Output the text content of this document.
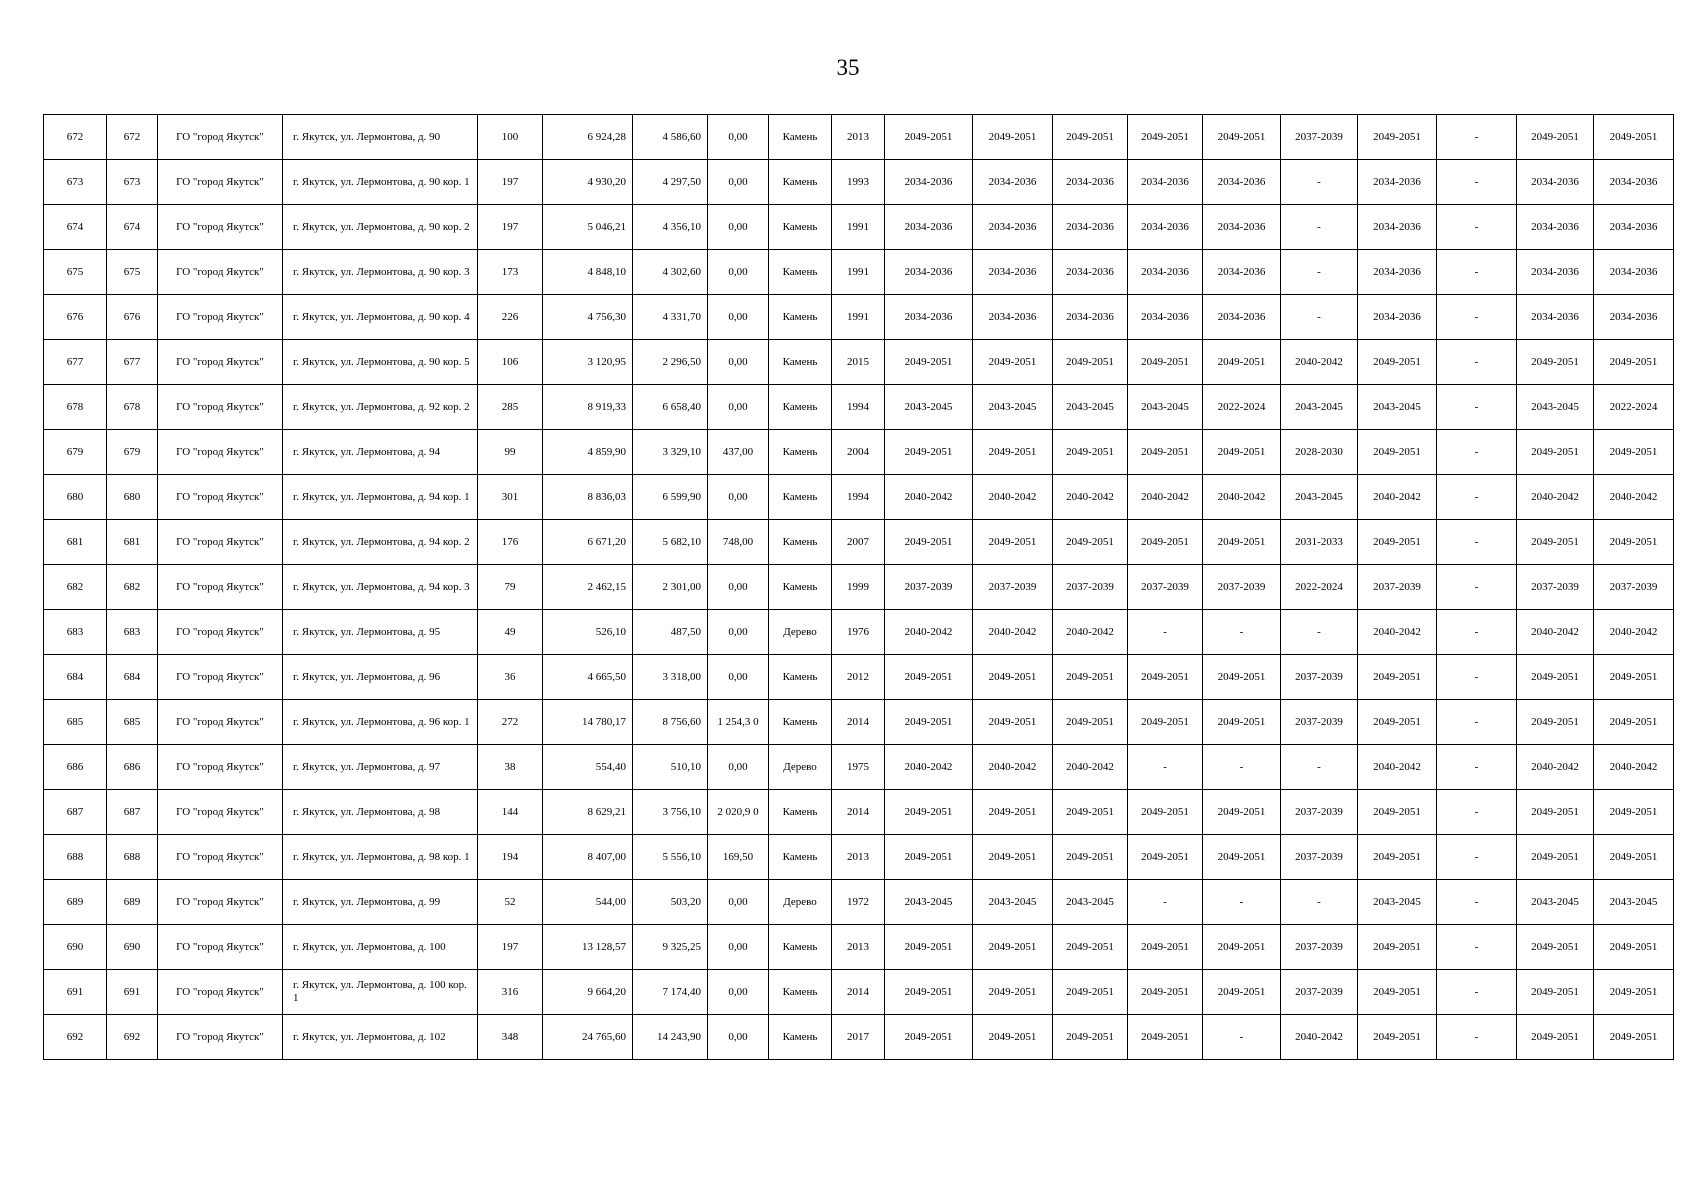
35
672	672	ГО "город Якутск"	г. Якутск, ул. Лермонтова, д. 90	100	6 924,28	4 586,60	0,00	Камень	2013	2049-2051	2049-2051	2049-2051	2049-2051	2049-2051	2037-2039	2049-2051	-	2049-2051	2049-2051
673	673	ГО "город Якутск"	г. Якутск, ул. Лермонтова, д. 90 кор. 1	197	4 930,20	4 297,50	0,00	Камень	1993	2034-2036	2034-2036	2034-2036	2034-2036	2034-2036	-	2034-2036	-	2034-2036	2034-2036
674	674	ГО "город Якутск"	г. Якутск, ул. Лермонтова, д. 90 кор. 2	197	5 046,21	4 356,10	0,00	Камень	1991	2034-2036	2034-2036	2034-2036	2034-2036	2034-2036	-	2034-2036	-	2034-2036	2034-2036
675	675	ГО "город Якутск"	г. Якутск, ул. Лермонтова, д. 90 кор. 3	173	4 848,10	4 302,60	0,00	Камень	1991	2034-2036	2034-2036	2034-2036	2034-2036	2034-2036	-	2034-2036	-	2034-2036	2034-2036
676	676	ГО "город Якутск"	г. Якутск, ул. Лермонтова, д. 90 кор. 4	226	4 756,30	4 331,70	0,00	Камень	1991	2034-2036	2034-2036	2034-2036	2034-2036	2034-2036	-	2034-2036	-	2034-2036	2034-2036
677	677	ГО "город Якутск"	г. Якутск, ул. Лермонтова, д. 90 кор. 5	106	3 120,95	2 296,50	0,00	Камень	2015	2049-2051	2049-2051	2049-2051	2049-2051	2049-2051	2040-2042	2049-2051	-	2049-2051	2049-2051
678	678	ГО "город Якутск"	г. Якутск, ул. Лермонтова, д. 92 кор. 2	285	8 919,33	6 658,40	0,00	Камень	1994	2043-2045	2043-2045	2043-2045	2043-2045	2022-2024	2043-2045	2043-2045	-	2043-2045	2022-2024
679	679	ГО "город Якутск"	г. Якутск, ул. Лермонтова, д. 94	99	4 859,90	3 329,10	437,00	Камень	2004	2049-2051	2049-2051	2049-2051	2049-2051	2049-2051	2028-2030	2049-2051	-	2049-2051	2049-2051
680	680	ГО "город Якутск"	г. Якутск, ул. Лермонтова, д. 94 кор. 1	301	8 836,03	6 599,90	0,00	Камень	1994	2040-2042	2040-2042	2040-2042	2040-2042	2040-2042	2043-2045	2040-2042	-	2040-2042	2040-2042
681	681	ГО "город Якутск"	г. Якутск, ул. Лермонтова, д. 94 кор. 2	176	6 671,20	5 682,10	748,00	Камень	2007	2049-2051	2049-2051	2049-2051	2049-2051	2049-2051	2031-2033	2049-2051	-	2049-2051	2049-2051
682	682	ГО "город Якутск"	г. Якутск, ул. Лермонтова, д. 94 кор. 3	79	2 462,15	2 301,00	0,00	Камень	1999	2037-2039	2037-2039	2037-2039	2037-2039	2037-2039	2022-2024	2037-2039	-	2037-2039	2037-2039
683	683	ГО "город Якутск"	г. Якутск, ул. Лермонтова, д. 95	49	526,10	487,50	0,00	Дерево	1976	2040-2042	2040-2042	2040-2042	-	-	-	2040-2042	-	2040-2042	2040-2042
684	684	ГО "город Якутск"	г. Якутск, ул. Лермонтова, д. 96	36	4 665,50	3 318,00	0,00	Камень	2012	2049-2051	2049-2051	2049-2051	2049-2051	2049-2051	2037-2039	2049-2051	-	2049-2051	2049-2051
685	685	ГО "город Якутск"	г. Якутск, ул. Лермонтова, д. 96 кор. 1	272	14 780,17	8 756,60	1 254,3 0	Камень	2014	2049-2051	2049-2051	2049-2051	2049-2051	2049-2051	2037-2039	2049-2051	-	2049-2051	2049-2051
686	686	ГО "город Якутск"	г. Якутск, ул. Лермонтова, д. 97	38	554,40	510,10	0,00	Дерево	1975	2040-2042	2040-2042	2040-2042	-	-	-	2040-2042	-	2040-2042	2040-2042
687	687	ГО "город Якутск"	г. Якутск, ул. Лермонтова, д. 98	144	8 629,21	3 756,10	2 020,9 0	Камень	2014	2049-2051	2049-2051	2049-2051	2049-2051	2049-2051	2037-2039	2049-2051	-	2049-2051	2049-2051
688	688	ГО "город Якутск"	г. Якутск, ул. Лермонтова, д. 98 кор. 1	194	8 407,00	5 556,10	169,50	Камень	2013	2049-2051	2049-2051	2049-2051	2049-2051	2049-2051	2037-2039	2049-2051	-	2049-2051	2049-2051
689	689	ГО "город Якутск"	г. Якутск, ул. Лермонтова, д. 99	52	544,00	503,20	0,00	Дерево	1972	2043-2045	2043-2045	2043-2045	-	-	-	2043-2045	-	2043-2045	2043-2045
690	690	ГО "город Якутск"	г. Якутск, ул. Лермонтова, д. 100	197	13 128,57	9 325,25	0,00	Камень	2013	2049-2051	2049-2051	2049-2051	2049-2051	2049-2051	2037-2039	2049-2051	-	2049-2051	2049-2051
691	691	ГО "город Якутск"	г. Якутск, ул. Лермонтова, д. 100 кор. 1	316	9 664,20	7 174,40	0,00	Камень	2014	2049-2051	2049-2051	2049-2051	2049-2051	2049-2051	2037-2039	2049-2051	-	2049-2051	2049-2051
692	692	ГО "город Якутск"	г. Якутск, ул. Лермонтова, д. 102	348	24 765,60	14 243,90	0,00	Камень	2017	2049-2051	2049-2051	2049-2051	2049-2051	-	2040-2042	2049-2051	-	2049-2051	2049-2051
